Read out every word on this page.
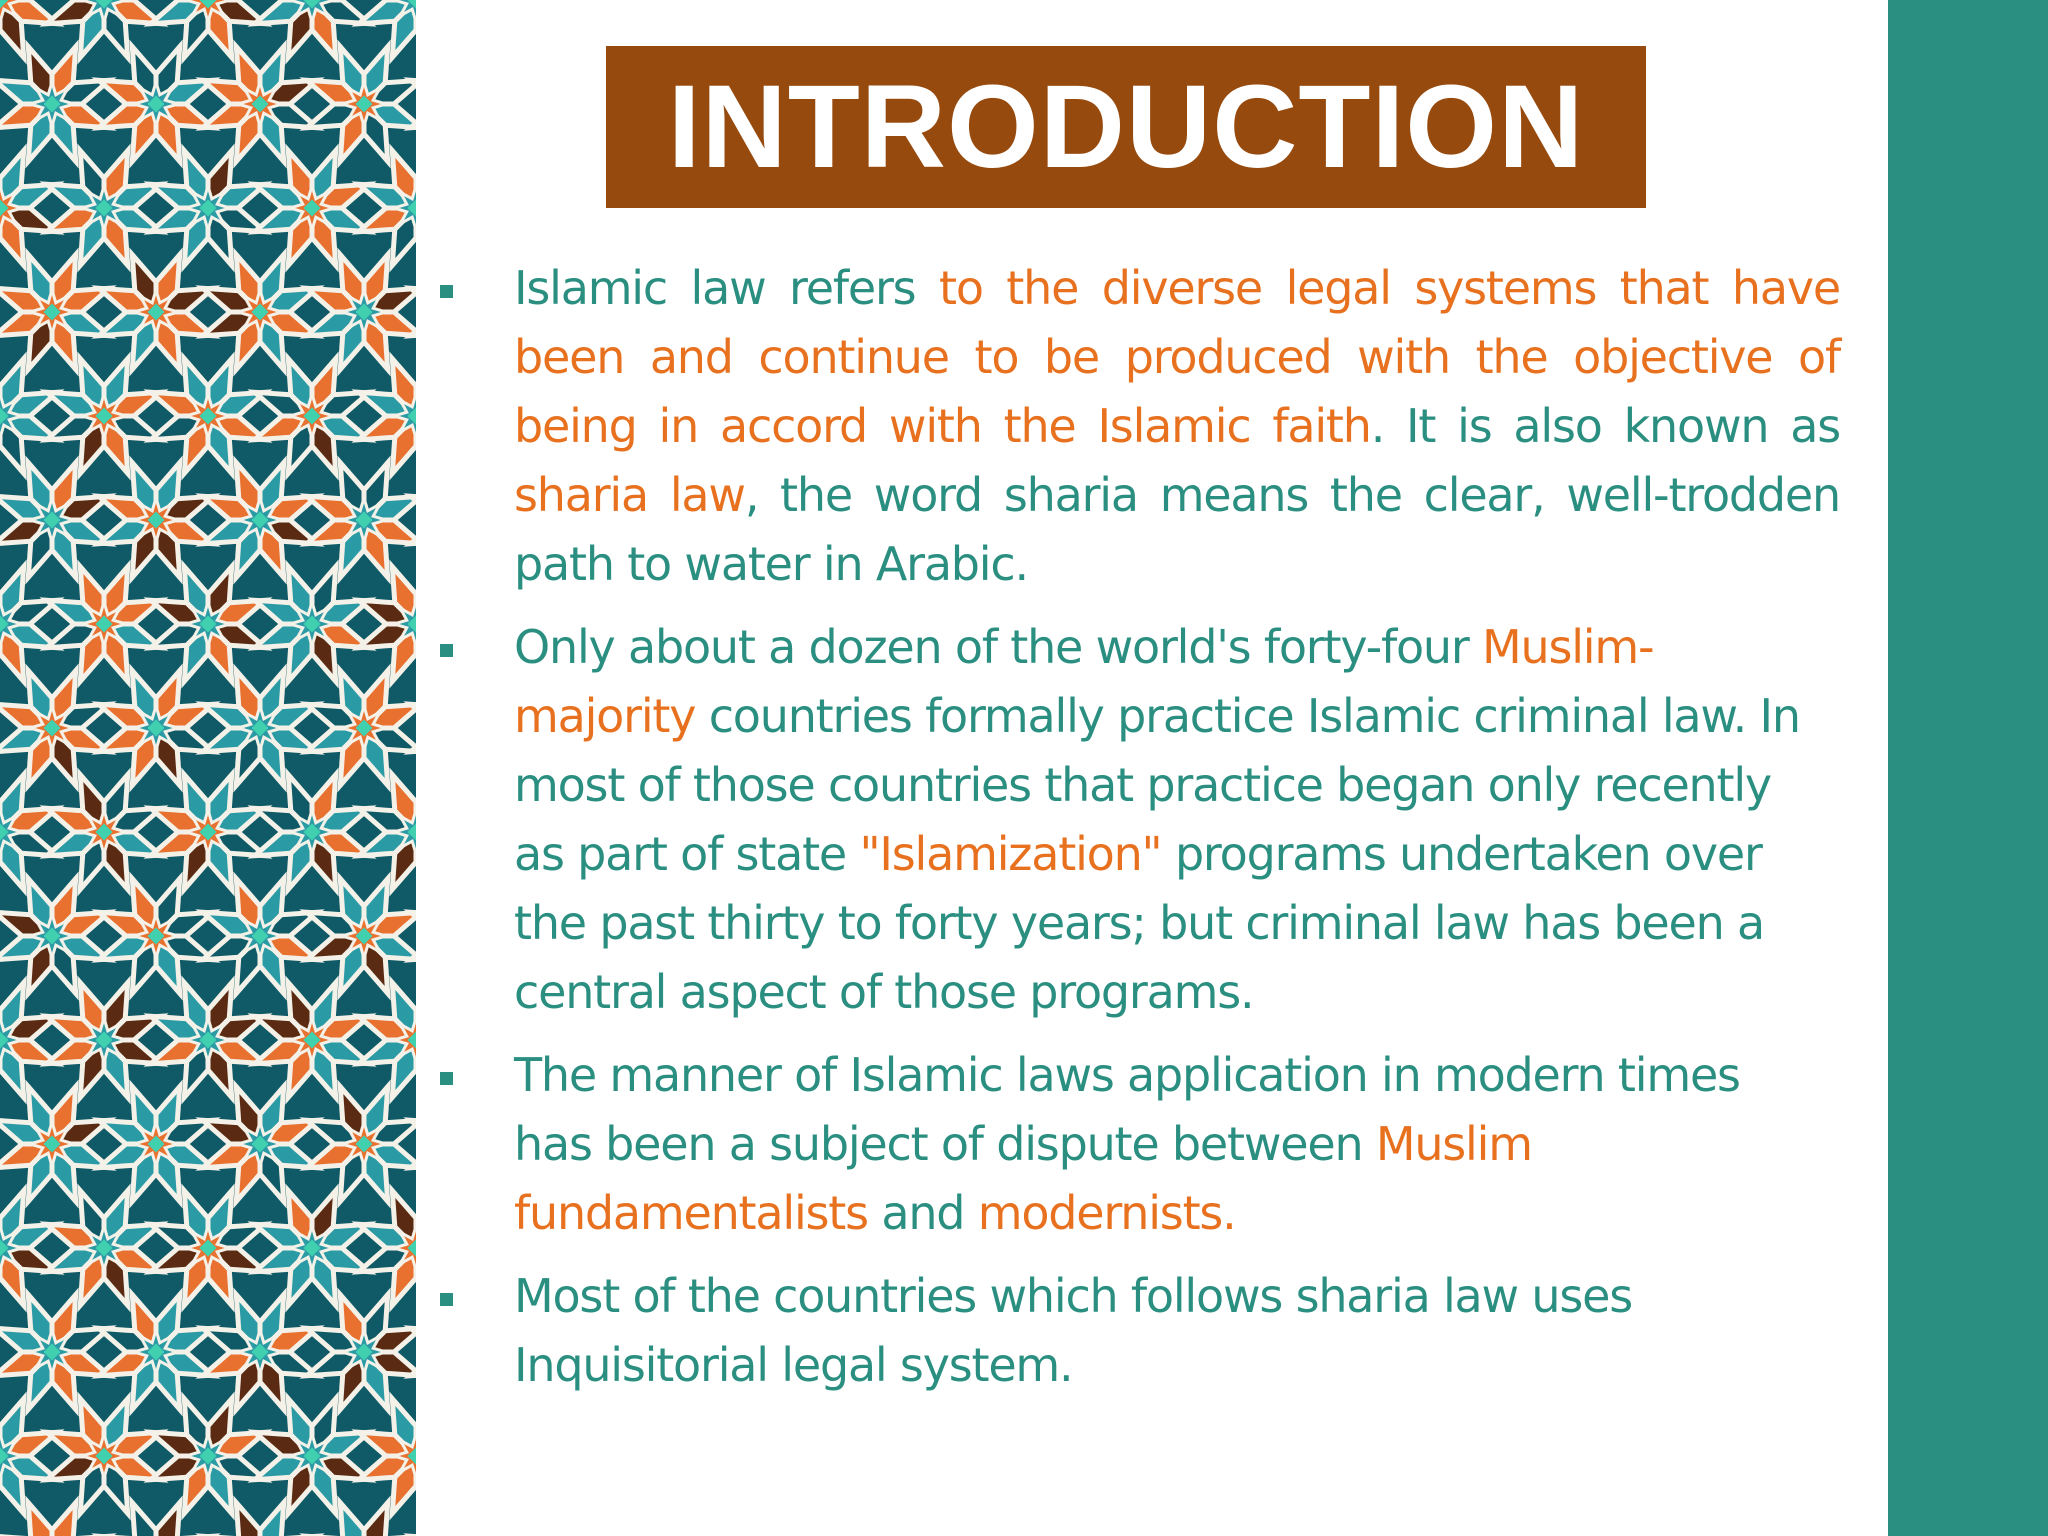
INTRODUCTION
Islamic law refers to the diverse legal systems that have been and continue to be produced with the objective of being in accord with the Islamic faith. It is also known as sharia law, the word sharia means the clear, well-trodden path to water in Arabic.
Only about a dozen of the world's forty-four Muslim-majority countries formally practice Islamic criminal law. In most of those countries that practice began only recently as part of state "Islamization" programs undertaken over the past thirty to forty years; but criminal law has been a central aspect of those programs.
The manner of Islamic laws application in modern times has been a subject of dispute between Muslim fundamentalists and modernists.
Most of the countries which follows sharia law uses Inquisitorial legal system.
